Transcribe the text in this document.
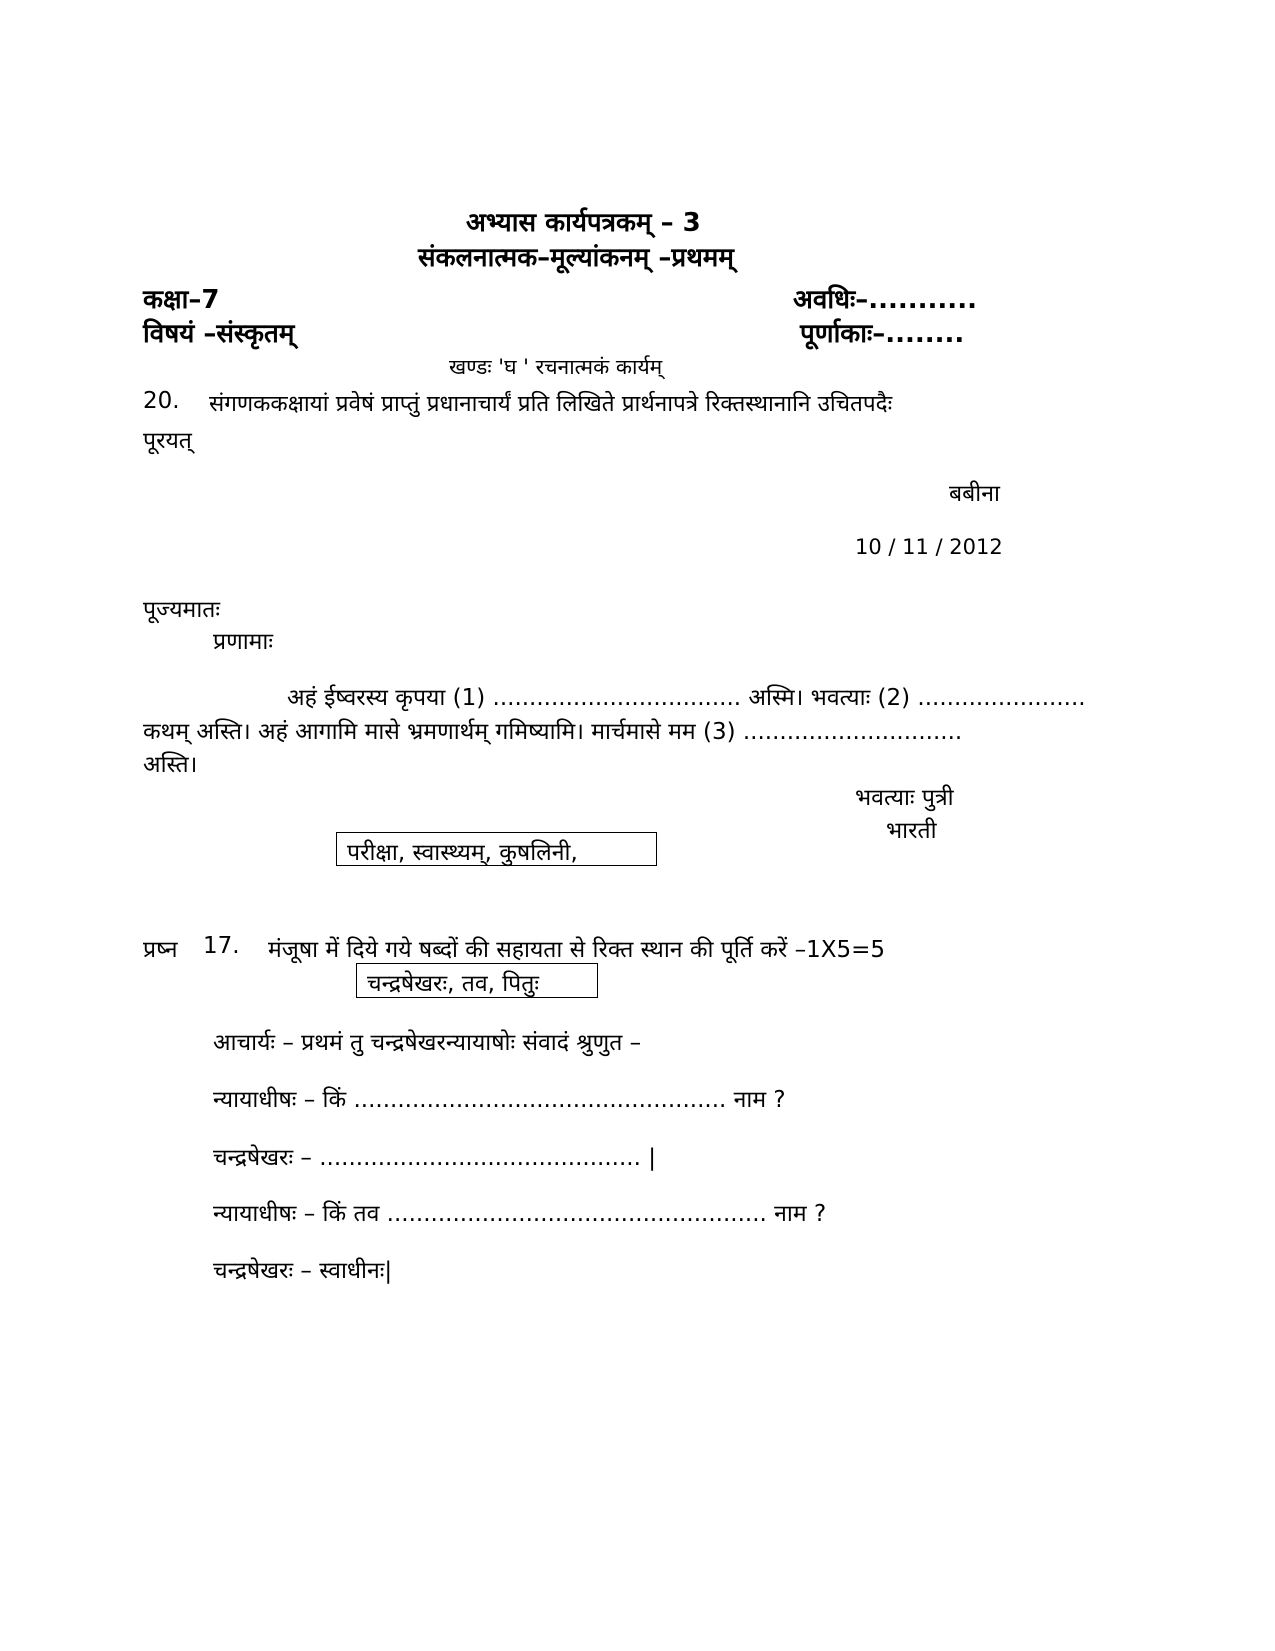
अभ्यास कार्यपत्रकम् – 3
संकलनात्मक–मूल्यांकनम् –प्रथमम्
कक्षा–7	अवधिः–...........
विषयं –संस्कृतम्	पूर्णाकाः–........
खण्डः 'घ ' रचनात्मकं कार्यम्
20. संगणककक्षायां प्रवेषं प्राप्तुं प्रधानाचार्यं प्रति लिखिते प्रार्थनापत्रे रिक्तस्थानानि उचितपदैः
पूरयत्
बबीना
10 / 11 / 2012
पूज्यमातः
प्रणामाः
अहं ईष्वरस्य कृपया (1) .................................. अस्मि। भवत्याः (2) .......................
कथम् अस्ति। अहं आगामि मासे भ्रमणार्थम् गमिष्यामि। मार्चमासे मम (3) ..............................
अस्ति।
भवत्याः पुत्री
भारती
परीक्षा, स्वास्थ्यम्, कुषलिनी,
प्रष्न 17. मंजूषा में दिये गये षब्दों की सहायता से रिक्त स्थान की पूर्ति करें –1X5=5
चन्द्रषेखरः, तव, पितुः
आचार्यः – प्रथमं तु चन्द्रषेखरन्यायाषोः संवादं श्रुणुत –
न्यायाधीषः – किं ................................................... नाम ?
चन्द्रषेखरः – ............................................ |
न्यायाधीषः – किं तव .................................................... नाम ?
चन्द्रषेखरः – स्वाधीनः|
